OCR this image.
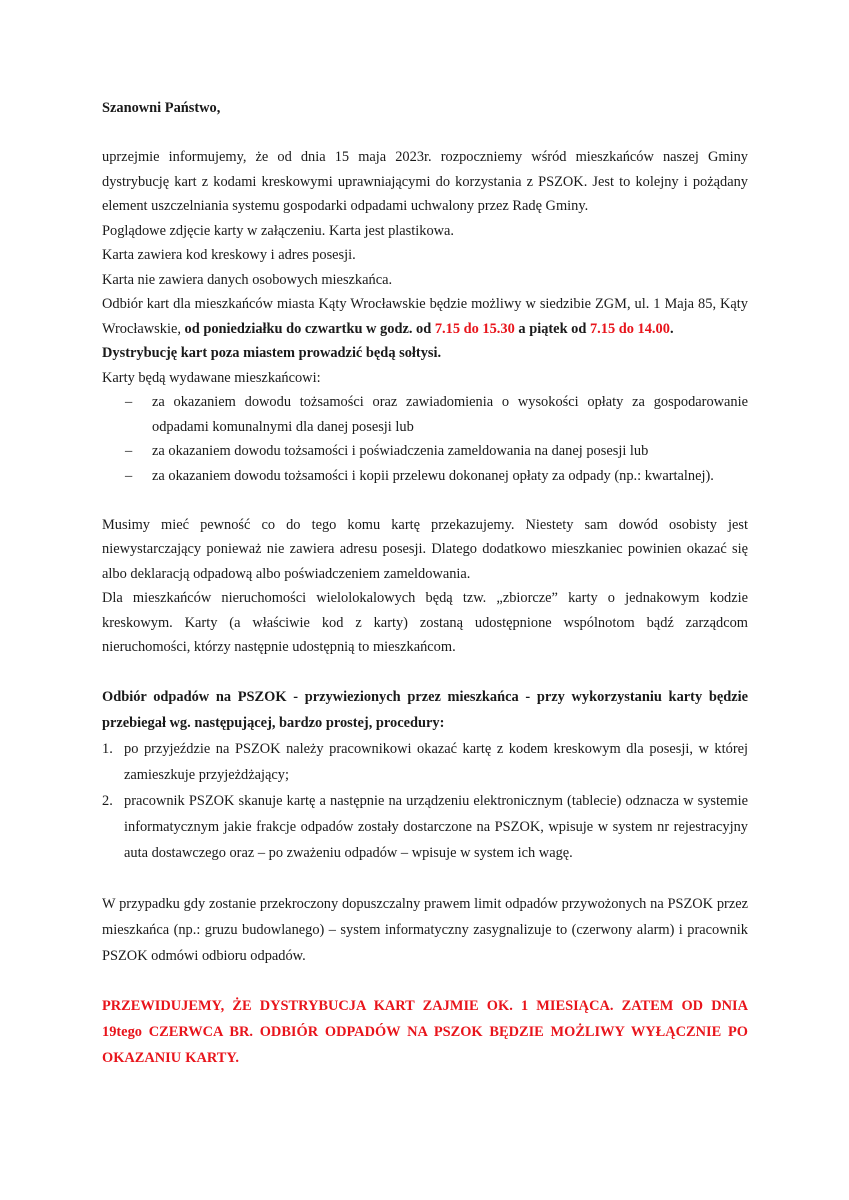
Szanowni Państwo,

uprzejmie informujemy, że od dnia 15 maja 2023r. rozpoczniemy wśród mieszkańców naszej Gminy dystrybucję kart z kodami kreskowymi uprawniającymi do korzystania z PSZOK. Jest to kolejny i pożądany element uszczelniania systemu gospodarki odpadami uchwalony przez Radę Gminy.

Poglądowe zdjęcie karty w załączeniu. Karta jest plastikowa.

Karta zawiera kod kreskowy i adres posesji.

Karta nie zawiera danych osobowych mieszkańca.

Odbiór kart dla mieszkańców miasta Kąty Wrocławskie będzie możliwy w siedzibie ZGM, ul. 1 Maja 85, Kąty Wrocławskie, od poniedziałku do czwartku w godz. od 7.15 do 15.30 a piątek od 7.15 do 14.00.

Dystrybucję kart poza miastem prowadzić będą sołtysi.

Karty będą wydawane mieszkańcowi:

– za okazaniem dowodu tożsamości oraz zawiadomienia o wysokości opłaty za gospodarowanie odpadami komunalnymi dla danej posesji lub
– za okazaniem dowodu tożsamości i poświadczenia zameldowania na danej posesji lub
– za okazaniem dowodu tożsamości i kopii przelewu dokonanej opłaty za odpady (np.: kwartalnej).

Musimy mieć pewność co do tego komu kartę przekazujemy. Niestety sam dowód osobisty jest niewystarczający ponieważ nie zawiera adresu posesji. Dlatego dodatkowo mieszkaniec powinien okazać się albo deklaracją odpadową albo poświadczeniem zameldowania.

Dla mieszkańców nieruchomości wielolokalowych będą tzw. „zbiorcze” karty o jednakowym kodzie kreskowym. Karty (a właściwie kod z karty) zostaną udostępnione wspólnotom bądź zarządcom nieruchomości, którzy następnie udostępnią to mieszkańcom.

Odbiór odpadów na PSZOK - przywiezionych przez mieszkańca - przy wykorzystaniu karty będzie przebiegał wg. następującej, bardzo prostej, procedury:

1. po przyjeździe na PSZOK należy pracownikowi okazać kartę z kodem kreskowym dla posesji, w której zamieszkuje przyjeżdżający;
2. pracownik PSZOK skanuje kartę a następnie na urządzeniu elektronicznym (tablecie) odznacza w systemie informatycznym jakie frakcje odpadów zostały dostarczone na PSZOK, wpisuje w system nr rejestracyjny auta dostawczego oraz – po zważeniu odpadów – wpisuje w system ich wagę.

W przypadku gdy zostanie przekroczony dopuszczalny prawem limit odpadów przywożonych na PSZOK przez mieszkańca (np.: gruzu budowlanego) – system informatyczny zasygnalizuje to (czerwony alarm) i pracownik PSZOK odmówi odbioru odpadów.

PRZEWIDUJEMY, ŻE DYSTRYBUCJA KART ZAJMIE OK. 1 MIESIĄCA. ZATEM OD DNIA 19tego CZERWCA BR. ODBIÓR ODPADÓW NA PSZOK BĘDZIE MOŻLIWY WYŁĄCZNIE PO OKAZANIU KARTY.
